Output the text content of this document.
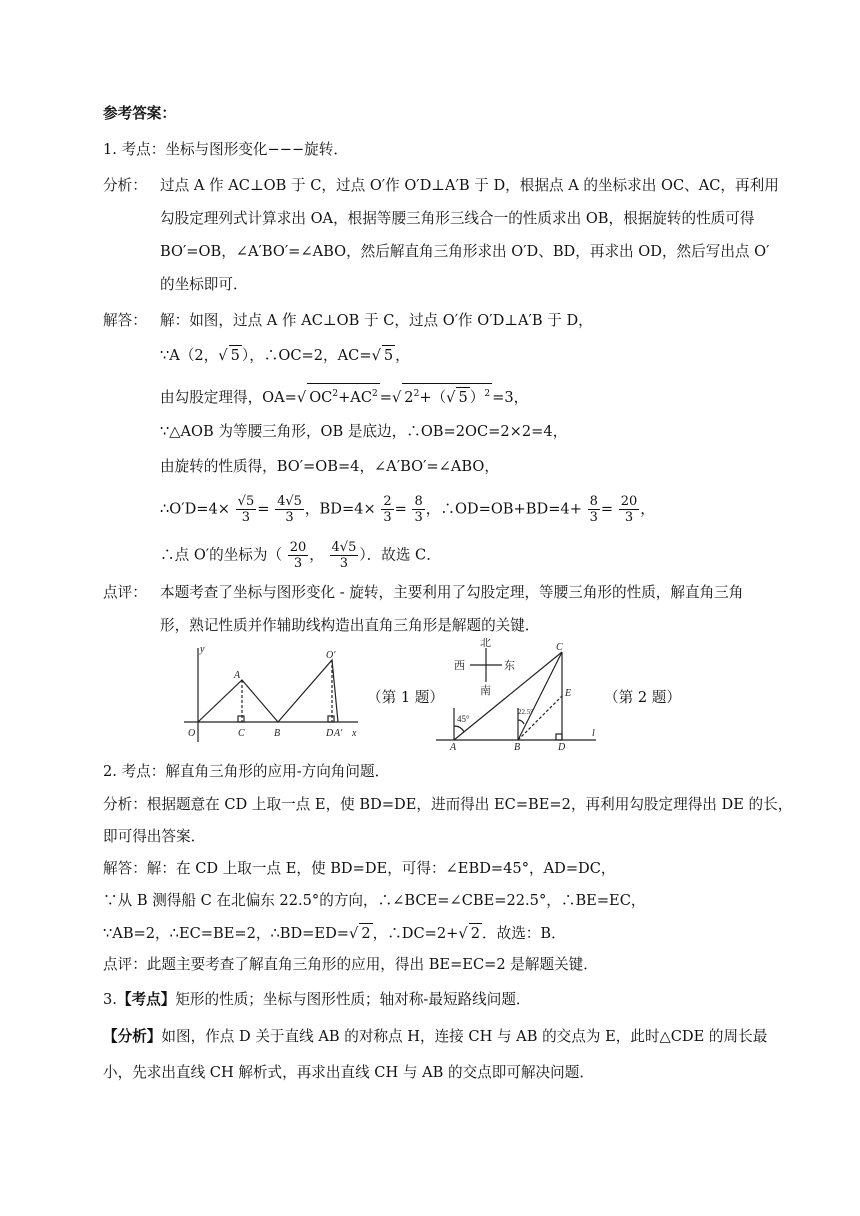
参考答案：
1. 考点：坐标与图形变化−−−旋转．
分析： 过点 A 作 AC⊥OB 于 C，过点 O′作 O′D⊥A′B 于 D，根据点 A 的坐标求出 OC、AC，再利用
勾股定理列式计算求出 OA，根据等腰三角形三线合一的性质求出 OB，根据旋转的性质可得
BO′=OB，∠A′BO′=∠ABO，然后解直角三角形求出 O′D、BD，再求出 OD，然后写出点 O′
的坐标即可．
解答： 解：如图，过点 A 作 AC⊥OB 于 C，过点 O′作 O′D⊥A′B 于 D，
∵A（2，√ 5 ），∴OC=2，AC=√ 5 ，
由勾股定理得，OA=√ $OC^2+AC^2$ =√ $2^2+(√$ 5 ）$^2$ =3，
∵△AOB 为等腰三角形，OB 是底边，∴OB=2OC=2×2=4，
由旋转的性质得，BO′=OB=4，∠A′BO′=∠ABO，
∴O′D=4× $\frac{√5}{3} = \frac{4√5}{3}$ ，$BD=4\times \frac{2}{3} = \frac{8}{3}$ ，∴OD=OB+BD=4+ $\frac{8}{3} = \frac{20}{3}$ ，
∴点 O′的坐标为（ $\frac{20}{3}$ ， $\frac{4√5}{3}$ ）．故选 C．
点评： 本题考查了坐标与图形变化 - 旋转，主要利用了勾股定理，等腰三角形的性质，解直角三角
形，熟记性质并作辅助线构造出直角三角形是解题的关键．
y
A
O′
O	C	B	D A′ x
（第 1 题）
北
西	东
南
C
E
A	B	D
l
45°
22.5°
（第 2 题）
2. 考点：解直角三角形的应用-方向角问题．
分析：根据题意在 CD 上取一点 E，使 BD=DE，进而得出 EC=BE=2，再利用勾股定理得出 DE 的长，
即可得出答案．
解答：解：在 CD 上取一点 E，使 BD=DE，可得：∠EBD=45°，AD=DC，
∵从 B 测得船 C 在北偏东 22.5°的方向，∴∠BCE=∠CBE=22.5°，∴BE=EC，
∵AB=2，∴EC=BE=2，∴BD=ED=√ 2 ，∴DC=2+√ 2 ．故选：B．
点评：此题主要考查了解直角三角形的应用，得出 BE=EC=2 是解题关键．
3.【考点】矩形的性质；坐标与图形性质；轴对称-最短路线问题．
【分析】如图，作点 D 关于直线 AB 的对称点 H，连接 CH 与 AB 的交点为 E，此时△CDE 的周长最
小，先求出直线 CH 解析式，再求出直线 CH 与 AB 的交点即可解决问题．
